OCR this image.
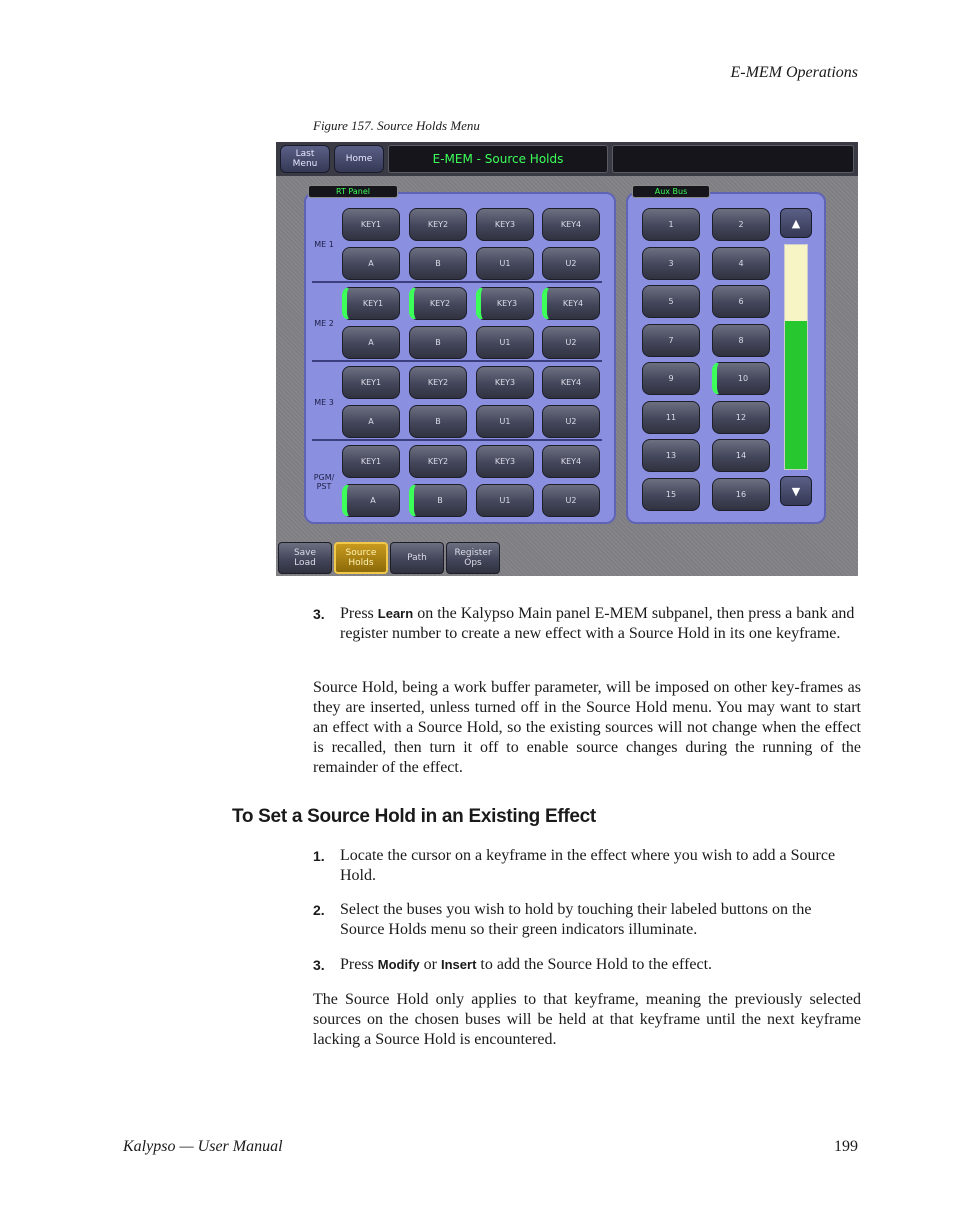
E-MEM Operations
Figure 157. Source Holds Menu
Last
Menu	Home	E-MEM - Source Holds
RT Panel	Aux Bus
ME 1
KEY1	KEY2	KEY3	KEY4
A	B	U1	U2
ME 2
KEY1	KEY2	KEY3	KEY4
A	B	U1	U2
ME 3
KEY1	KEY2	KEY3	KEY4
A	B	U1	U2
PGM/
PST
KEY1	KEY2	KEY3	KEY4
A	B	U1	U2
1	2
3	4
5	6
7	8
9	10
11	12
13	14
15	16
▲
▼
Save
Load
Source
Holds	Path	Register
Ops
3. Press Learn on the Kalypso Main panel E-MEM subpanel, then press a bank and register number to create a new effect with a Source Hold in its one keyframe.
Source Hold, being a work buffer parameter, will be imposed on other key-frames as they are inserted, unless turned off in the Source Hold menu. You may want to start an effect with a Source Hold, so the existing sources will not change when the effect is recalled, then turn it off to enable source changes during the running of the remainder of the effect.
To Set a Source Hold in an Existing Effect
1. Locate the cursor on a keyframe in the effect where you wish to add a Source Hold.
2. Select the buses you wish to hold by touching their labeled buttons on the Source Holds menu so their green indicators illuminate.
3. Press Modify or Insert to add the Source Hold to the effect.
The Source Hold only applies to that keyframe, meaning the previously selected sources on the chosen buses will be held at that keyframe until the next keyframe lacking a Source Hold is encountered.
Kalypso — User Manual	199
